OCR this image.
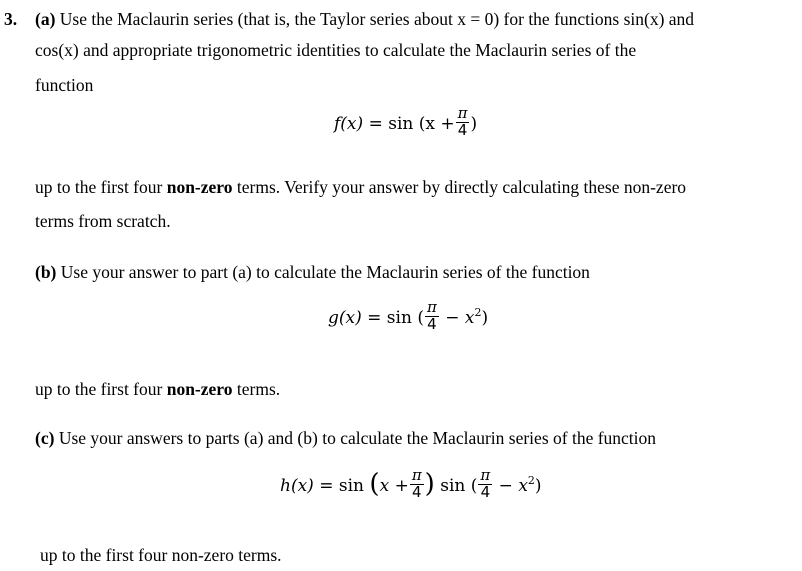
3. (a) Use the Maclaurin series (that is, the Taylor series about x = 0) for the functions sin(x) and
cos(x) and appropriate trigonometric identities to calculate the Maclaurin series of the
function
$f(x) = \sin (x + \frac{\pi}{4}$ )
up to the first four non-zero terms. Verify your answer by directly calculating these non-zero
terms from scratch.
(b) Use your answer to part (a) to calculate the Maclaurin series of the function
g(x) = sin ( $\frac{\pi}{4} - x^2$)
up to the first four non-zero terms.
(c) Use your answers to parts (a) and (b) to calculate the Maclaurin series of the function
$h(x) = \sin (x + \frac{\pi}{4}$ ) sin ( $\frac{\pi}{4} - x^2$)
up to the first four non-zero terms.
